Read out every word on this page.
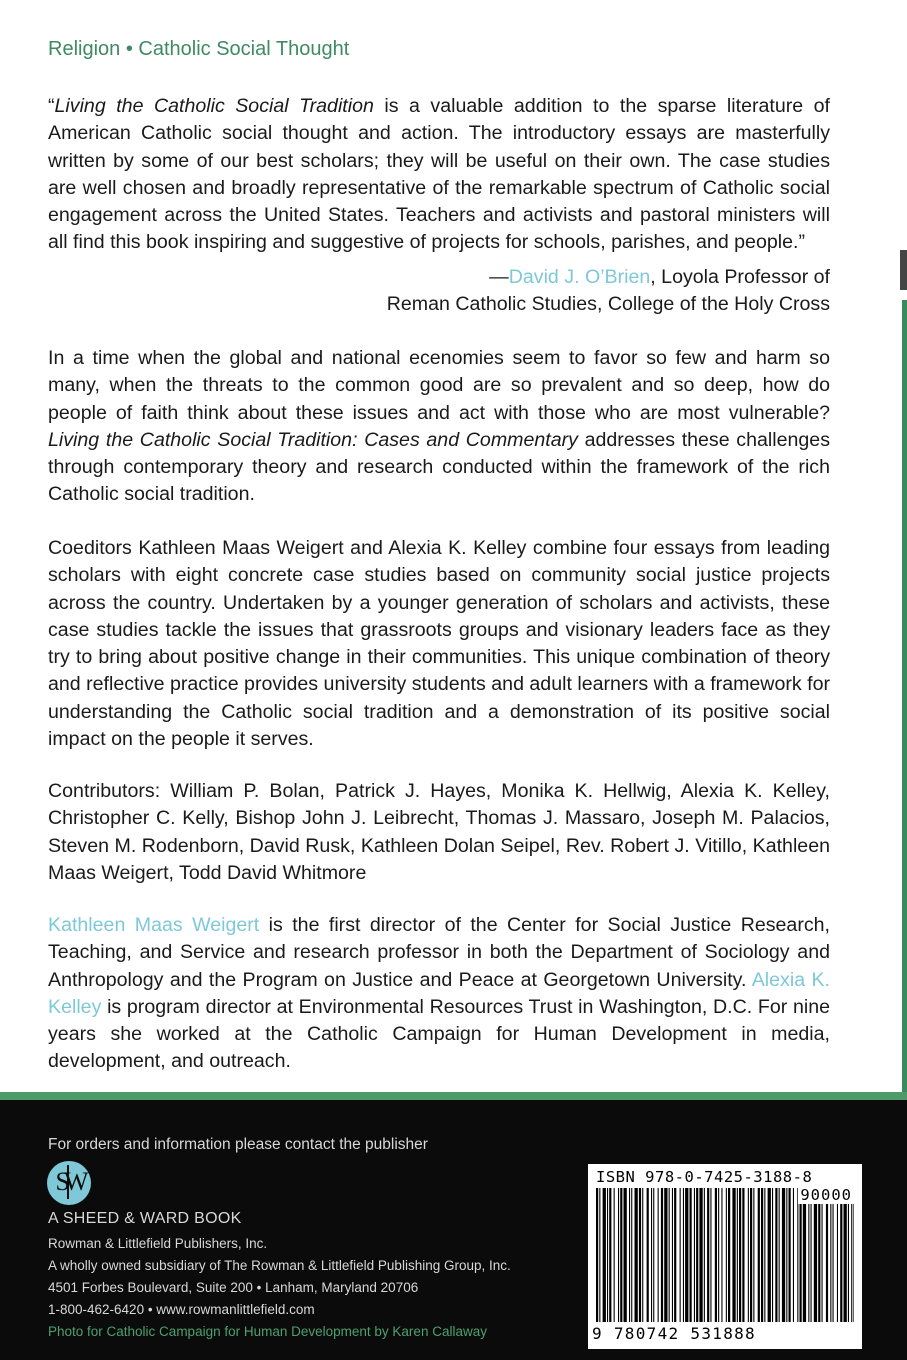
Religion • Catholic Social Thought

“Living the Catholic Social Tradition is a valuable addition to the sparse literature of American Catholic social thought and action. The introductory essays are masterfully written by some of our best scholars; they will be useful on their own. The case studies are well chosen and broadly representative of the remarkable spectrum of Catholic social engagement across the United States. Teachers and activists and pastoral ministers will all find this book inspiring and suggestive of projects for schools, parishes, and people.”

—David J. O’Brien, Loyola Professor of
Reman Catholic Studies, College of the Holy Cross

In a time when the global and national ecenomies seem to favor so few and harm so many, when the threats to the common good are so prevalent and so deep, how do people of faith think about these issues and act with those who are most vulnerable? Living the Catholic Social Tradition: Cases and Commentary addresses these challenges through contemporary theory and research conducted within the framework of the rich Catholic social tradition.

Coeditors Kathleen Maas Weigert and Alexia K. Kelley combine four essays from leading scholars with eight concrete case studies based on community social justice projects across the country. Undertaken by a younger generation of scholars and activists, these case studies tackle the issues that grassroots groups and visionary leaders face as they try to bring about positive change in their communities. This unique combination of theory and reflective practice provides university students and adult learners with a framework for understanding the Catholic social tradition and a demonstration of its positive social impact on the people it serves.

Contributors: William P. Bolan, Patrick J. Hayes, Monika K. Hellwig, Alexia K. Kelley, Christopher C. Kelly, Bishop John J. Leibrecht, Thomas J. Massaro, Joseph M. Palacios, Steven M. Rodenborn, David Rusk, Kathleen Dolan Seipel, Rev. Robert J. Vitillo, Kathleen Maas Weigert, Todd David Whitmore

Kathleen Maas Weigert is the first director of the Center for Social Justice Research, Teaching, and Service and research professor in both the Department of Sociology and Anthropology and the Program on Justice and Peace at Georgetown University. Alexia K. Kelley is program director at Environmental Resources Trust in Washington, D.C. For nine years she worked at the Catholic Campaign for Human Development in media, development, and outreach.

For orders and information please contact the publisher
SW
A SHEED & WARD BOOK
Rowman & Littlefield Publishers, Inc.
A wholly owned subsidiary of The Rowman & Littlefield Publishing Group, Inc.
4501 Forbes Boulevard, Suite 200 • Lanham, Maryland 20706
1-800-462-6420 • www.rowmanlittlefield.com
Photo for Catholic Campaign for Human Development by Karen Callaway
ISBN 978-0-7425-3188-8
90000
9 780742 531888
